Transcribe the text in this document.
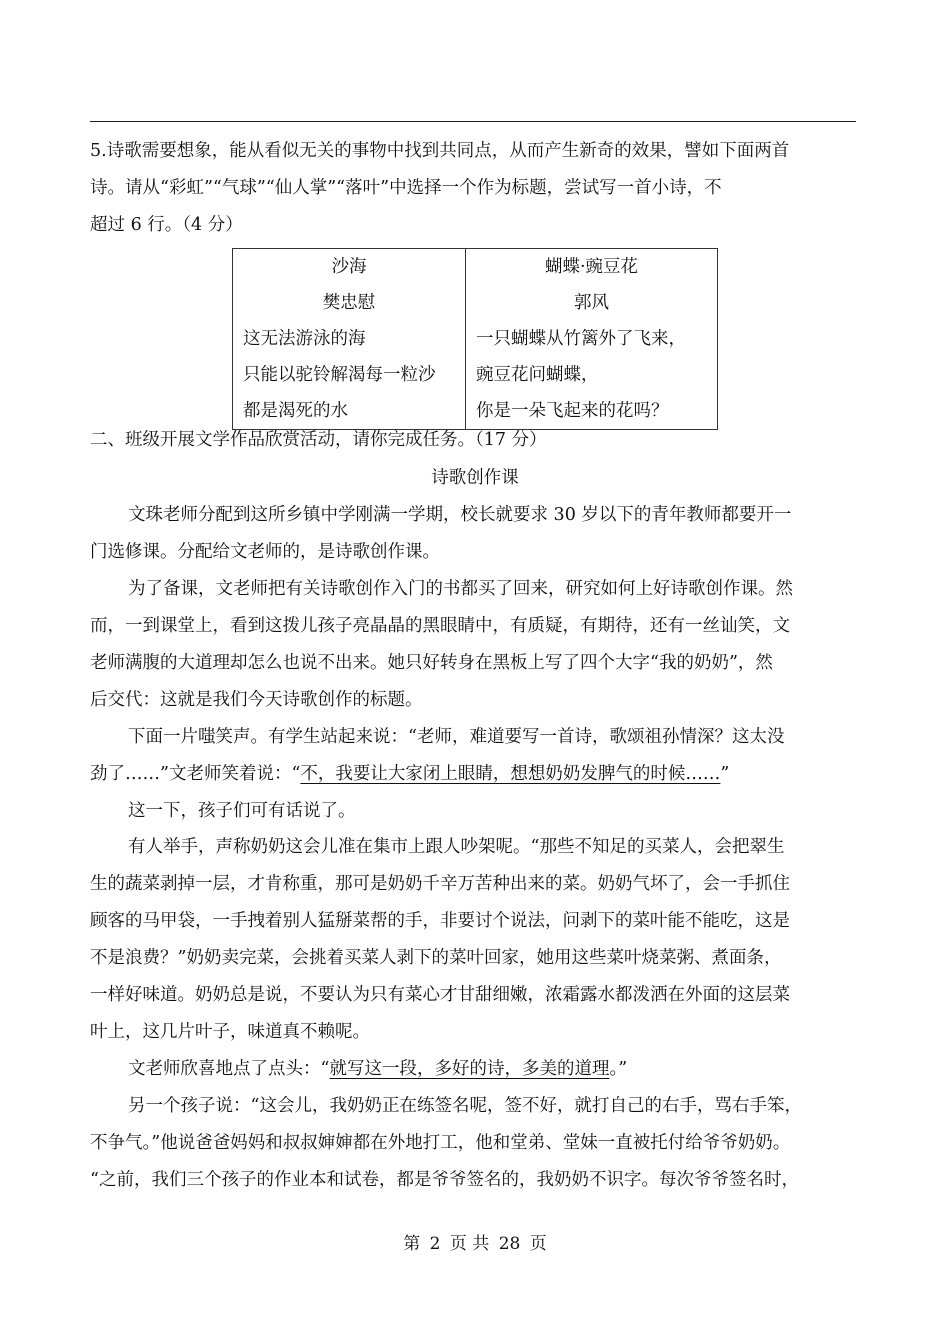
5.诗歌需要想象，能从看似无关的事物中找到共同点，从而产生新奇的效果，譬如下面两首
诗。请从“彩虹”“气球”“仙人掌”“落叶”中选择一个作为标题，尝试写一首小诗，不
超过 6 行。（4 分）
沙海
樊忠慰
这无法游泳的海
只能以驼铃解渴每一粒沙
都是渴死的水

蝴蝶·豌豆花
郭风
一只蝴蝶从竹篱外了飞来，
豌豆花问蝴蝶，
你是一朵飞起来的花吗？
二、班级开展文学作品欣赏活动，请你完成任务。（17 分）
诗歌创作课
文珠老师分配到这所乡镇中学刚满一学期，校长就要求 30 岁以下的青年教师都要开一
门选修课。分配给文老师的，是诗歌创作课。
为了备课，文老师把有关诗歌创作入门的书都买了回来，研究如何上好诗歌创作课。然
而，一到课堂上，看到这拨儿孩子亮晶晶的黑眼睛中，有质疑，有期待，还有一丝讪笑，文
老师满腹的大道理却怎么也说不出来。她只好转身在黑板上写了四个大字“我的奶奶”，然
后交代：这就是我们今天诗歌创作的标题。
下面一片嗤笑声。有学生站起来说：“老师，难道要写一首诗，歌颂祖孙情深？这太没
劲了……”文老师笑着说：“不，我要让大家闭上眼睛，想想奶奶发脾气的时候……”
这一下，孩子们可有话说了。
有人举手，声称奶奶这会儿准在集市上跟人吵架呢。“那些不知足的买菜人，会把翠生
生的蔬菜剥掉一层，才肯称重，那可是奶奶千辛万苦种出来的菜。奶奶气坏了，会一手抓住
顾客的马甲袋，一手拽着别人猛掰菜帮的手，非要讨个说法，问剥下的菜叶能不能吃，这是
不是浪费？”奶奶卖完菜，会挑着买菜人剥下的菜叶回家，她用这些菜叶烧菜粥、煮面条，
一样好味道。奶奶总是说，不要认为只有菜心才甘甜细嫩，浓霜露水都泼洒在外面的这层菜
叶上，这几片叶子，味道真不赖呢。
文老师欣喜地点了点头：“就写这一段，多好的诗，多美的道理。”
另一个孩子说：“这会儿，我奶奶正在练签名呢，签不好，就打自己的右手，骂右手笨，
不争气。”他说爸爸妈妈和叔叔婶婶都在外地打工，他和堂弟、堂妹一直被托付给爷爷奶奶。
“之前，我们三个孩子的作业本和试卷，都是爷爷签名的，我奶奶不识字。每次爷爷签名时，
第 2 页 共 28 页
